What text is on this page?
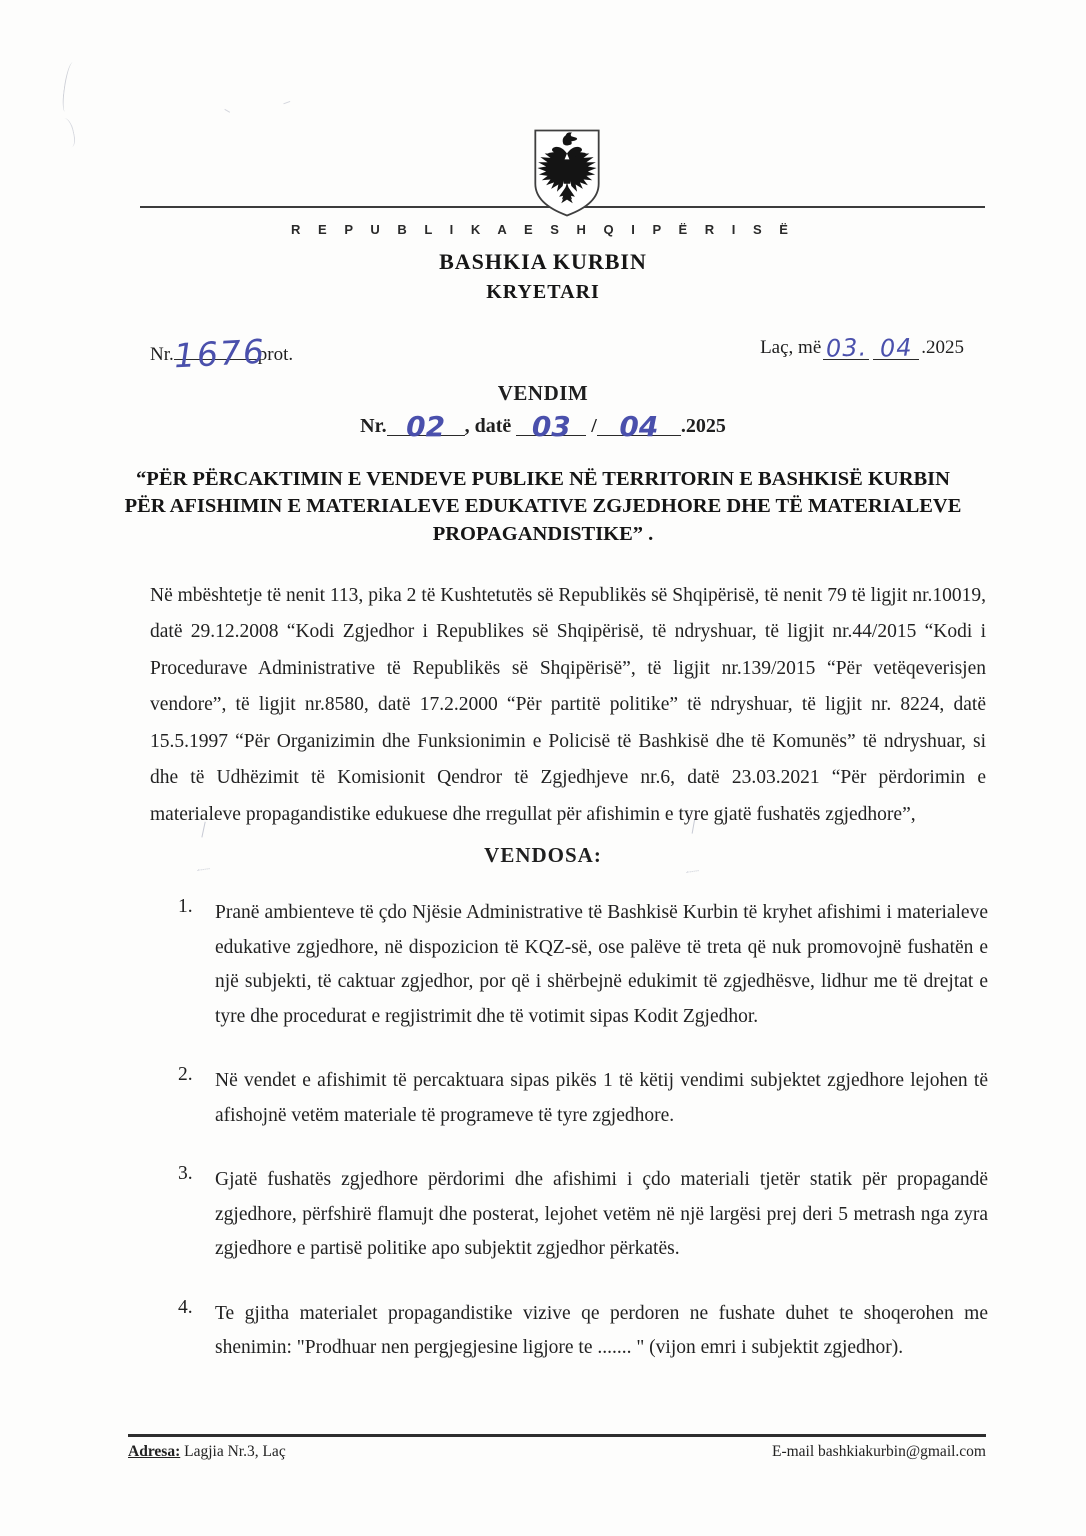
R E P U B L I K A E S H Q I P Ë R I S Ë
BASHKIA KURBIN
KRYETARI
Nr.1676prot.	Laç, më 03. 04 .2025
VENDIM
Nr. 02 , datë 03 / 04 .2025
“PËR PËRCAKTIMIN E VENDEVE PUBLIKE NË TERRITORIN E BASHKISË KURBIN PËR AFISHIMIN E MATERIALEVE EDUKATIVE ZGJEDHORE DHE TË MATERIALEVE PROPAGANDISTIKE” .
Në mbështetje të nenit 113, pika 2 të Kushtetutës së Republikës së Shqipërisë, të nenit 79 të ligjit nr.10019, datë 29.12.2008 “Kodi Zgjedhor i Republikes së Shqipërisë, të ndryshuar, të ligjit nr.44/2015 “Kodi i Procedurave Administrative të Republikës së Shqipërisë”, të ligjit nr.139/2015 “Për vetëqeverisjen vendore”, të ligjit nr.8580, datë 17.2.2000 “Për partitë politike” të ndryshuar, të ligjit nr. 8224, datë 15.5.1997 “Për Organizimin dhe Funksionimin e Policisë të Bashkisë dhe të Komunës” të ndryshuar, si dhe të Udhëzimit të Komisionit Qendror të Zgjedhjeve nr.6, datë 23.03.2021 “Për përdorimin e materialeve propagandistike edukuese dhe rregullat për afishimin e tyre gjatë fushatës zgjedhore”,
VENDOSA:
1.	Pranë ambienteve të çdo Njësie Administrative të Bashkisë Kurbin të kryhet afishimi i materialeve edukative zgjedhore, në dispozicion të KQZ-së, ose palëve të treta që nuk promovojnë fushatën e një subjekti, të caktuar zgjedhor, por që i shërbejnë edukimit të zgjedhësve, lidhur me të drejtat e tyre dhe procedurat e regjistrimit dhe të votimit sipas Kodit Zgjedhor.
2.	Në vendet e afishimit të percaktuara sipas pikës 1 të këtij vendimi subjektet zgjedhore lejohen të afishojnë vetëm materiale të programeve të tyre zgjedhore.
3.	Gjatë fushatës zgjedhore përdorimi dhe afishimi i çdo materiali tjetër statik për propagandë zgjedhore, përfshirë flamujt dhe posterat, lejohet vetëm në një largësi prej deri 5 metrash nga zyra zgjedhore e partisë politike apo subjektit zgjedhor përkatës.
4.	Te gjitha materialet propagandistike vizive qe perdoren ne fushate duhet te shoqerohen me shenimin: "Prodhuar nen pergjegjesine ligjore te ....... " (vijon emri i subjektit zgjedhor).
Adresa: Lagjia Nr.3, Laç	E-mail bashkiakurbin@gmail.com
